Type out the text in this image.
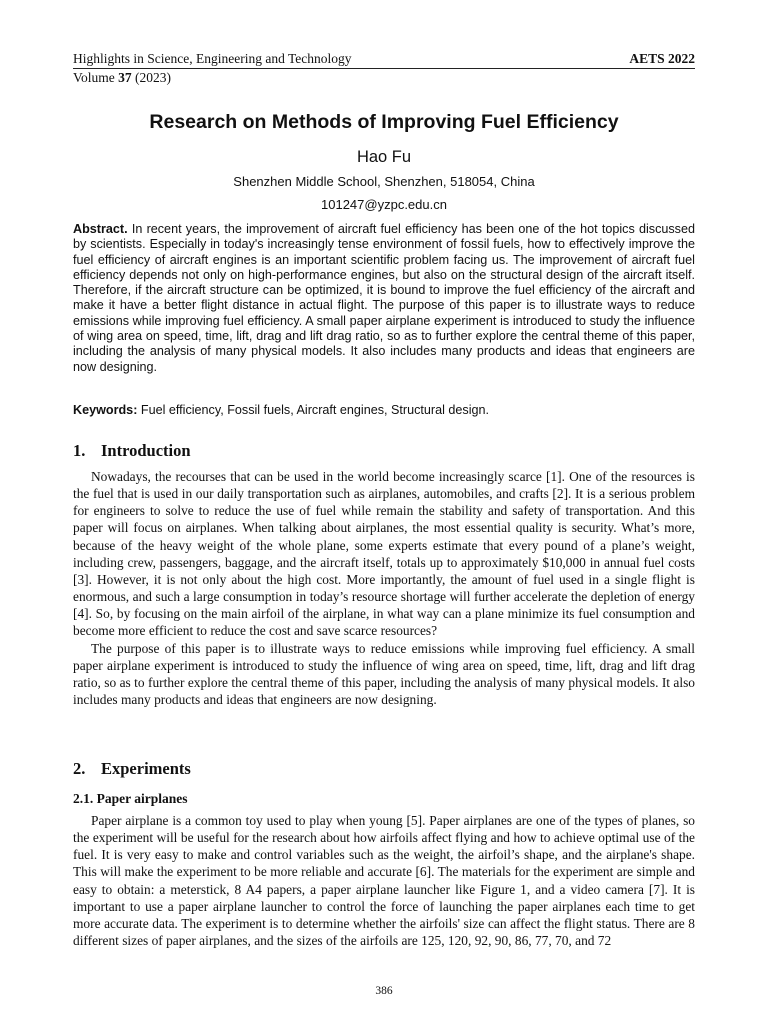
Highlights in Science, Engineering and Technology	AETS 2022
Volume 37 (2023)
Research on Methods of Improving Fuel Efficiency
Hao Fu
Shenzhen Middle School, Shenzhen, 518054, China
101247@yzpc.edu.cn
Abstract. In recent years, the improvement of aircraft fuel efficiency has been one of the hot topics discussed by scientists. Especially in today's increasingly tense environment of fossil fuels, how to effectively improve the fuel efficiency of aircraft engines is an important scientific problem facing us. The improvement of aircraft fuel efficiency depends not only on high-performance engines, but also on the structural design of the aircraft itself. Therefore, if the aircraft structure can be optimized, it is bound to improve the fuel efficiency of the aircraft and make it have a better flight distance in actual flight. The purpose of this paper is to illustrate ways to reduce emissions while improving fuel efficiency. A small paper airplane experiment is introduced to study the influence of wing area on speed, time, lift, drag and lift drag ratio, so as to further explore the central theme of this paper, including the analysis of many physical models. It also includes many products and ideas that engineers are now designing.
Keywords: Fuel efficiency, Fossil fuels, Aircraft engines, Structural design.
1. Introduction

Nowadays, the recourses that can be used in the world become increasingly scarce [1]. One of the resources is the fuel that is used in our daily transportation such as airplanes, automobiles, and crafts [2]. It is a serious problem for engineers to solve to reduce the use of fuel while remain the stability and safety of transportation. And this paper will focus on airplanes. When talking about airplanes, the most essential quality is security. What’s more, because of the heavy weight of the whole plane, some experts estimate that every pound of a plane’s weight, including crew, passengers, baggage, and the aircraft itself, totals up to approximately $10,000 in annual fuel costs [3]. However, it is not only about the high cost. More importantly, the amount of fuel used in a single flight is enormous, and such a large consumption in today’s resource shortage will further accelerate the depletion of energy [4]. So, by focusing on the main airfoil of the airplane, in what way can a plane minimize its fuel consumption and become more efficient to reduce the cost and save scarce resources?

The purpose of this paper is to illustrate ways to reduce emissions while improving fuel efficiency. A small paper airplane experiment is introduced to study the influence of wing area on speed, time, lift, drag and lift drag ratio, so as to further explore the central theme of this paper, including the analysis of many physical models. It also includes many products and ideas that engineers are now designing.

2. Experiments
2.1. Paper airplanes

Paper airplane is a common toy used to play when young [5]. Paper airplanes are one of the types of planes, so the experiment will be useful for the research about how airfoils affect flying and how to achieve optimal use of the fuel. It is very easy to make and control variables such as the weight, the airfoil’s shape, and the airplane's shape. This will make the experiment to be more reliable and accurate [6]. The materials for the experiment are simple and easy to obtain: a meterstick, 8 A4 papers, a paper airplane launcher like Figure 1, and a video camera [7]. It is important to use a paper airplane launcher to control the force of launching the paper airplanes each time to get more accurate data. The experiment is to determine whether the airfoils' size can affect the flight status. There are 8 different sizes of paper airplanes, and the sizes of the airfoils are 125, 120, 92, 90, 86, 77, 70, and 72

386
